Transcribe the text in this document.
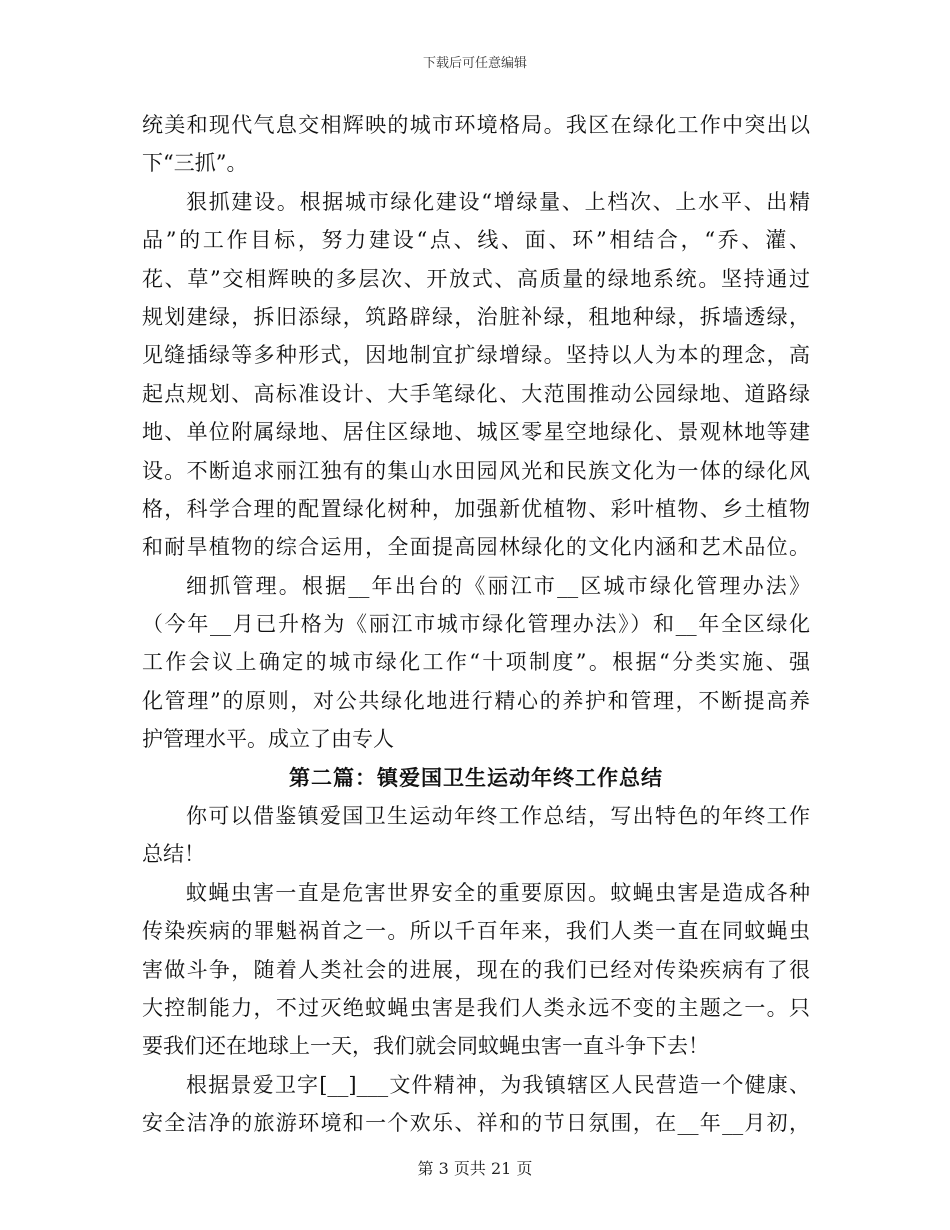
下载后可任意编辑
统美和现代气息交相辉映的城市环境格局。我区在绿化工作中突出以
下“三抓”。
狠抓建设。根据城市绿化建设“增绿量、上档次、上水平、出精
品”的工作目标，努力建设“点、线、面、环”相结合，“乔、灌、
花、草”交相辉映的多层次、开放式、高质量的绿地系统。坚持通过
规划建绿，拆旧添绿，筑路辟绿，治脏补绿，租地种绿，拆墙透绿，
见缝插绿等多种形式，因地制宜扩绿增绿。坚持以人为本的理念，高
起点规划、高标准设计、大手笔绿化、大范围推动公园绿地、道路绿
地、单位附属绿地、居住区绿地、城区零星空地绿化、景观林地等建
设。不断追求丽江独有的集山水田园风光和民族文化为一体的绿化风
格，科学合理的配置绿化树种，加强新优植物、彩叶植物、乡土植物
和耐旱植物的综合运用，全面提高园林绿化的文化内涵和艺术品位。
细抓管理。根据__年出台的《丽江市__区城市绿化管理办法》
（今年__月已升格为《丽江市城市绿化管理办法》）和__年全区绿化
工作会议上确定的城市绿化工作“十项制度”。根据“分类实施、强
化管理”的原则，对公共绿化地进行精心的养护和管理，不断提高养
护管理水平。成立了由专人
第二篇：镇爱国卫生运动年终工作总结
你可以借鉴镇爱国卫生运动年终工作总结，写出特色的年终工作
总结！
蚊蝇虫害一直是危害世界安全的重要原因。蚊蝇虫害是造成各种
传染疾病的罪魁祸首之一。所以千百年来，我们人类一直在同蚊蝇虫
害做斗争，随着人类社会的进展，现在的我们已经对传染疾病有了很
大控制能力，不过灭绝蚊蝇虫害是我们人类永远不变的主题之一。只
要我们还在地球上一天，我们就会同蚊蝇虫害一直斗争下去！
根据景爱卫字[__]___文件精神，为我镇辖区人民营造一个健康、
安全洁净的旅游环境和一个欢乐、祥和的节日氛围，在__年__月初，
第 3 页共 21 页
